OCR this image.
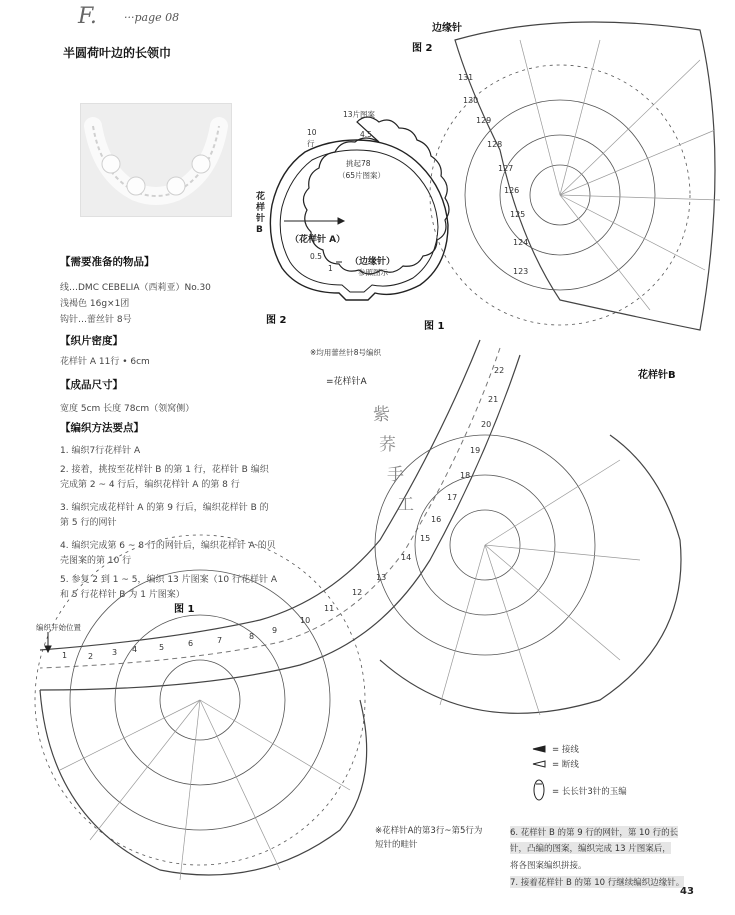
F. ···page 08
半圆荷叶边的长领巾
【需要准备的物品】
线…DMC CEBELIA（西莉亚）No.30
浅褐色 16g×1团
钩针…蕾丝针 8号
【织片密度】
花样针 A 11行 • 6cm
【成品尺寸】
宽度 5cm 长度 78cm（领窝侧）
【编织方法要点】
1. 编织7行花样针 A
2. 接着，挑按至花样针 B 的第 1 行，花样针 B 编织
完成第 2 ~ 4 行后，编织花样针 A 的第 8 行
3. 编织完成花样针 A 的第 9 行后，编织花样针 B 的
第 5 行的网针
4. 编织完成第 6 ~ 8 行的网针后，编织花样针 A 的贝
壳图案的第 10 行
5. 参复 2 到 1 ~ 5，编织 13 片图案（10 行花样针 A
和 5 行花样针 B 为 1 片图案）
13片图案
10
行
4.5
挑起78
（65片图案）
花样针B
（花样针 A）
0.5
1
（边缘针）
参照图示
图 2
图 1
※均用蕾丝针8号编织
=花样针A
边缘针
图 2
花样针B
图 1
编织开始位置
131
130
129
128
127
126
125
124
123
22
21
20
19
18
17
16
15
14
13
12
11
10
9
8
7
6
5
4
3
2
1
紫
荞
手
工
= 接线
= 断线
= 长长针3针的玉编
※花样针A的第3行~第5行为
短针的畦针
6. 花样针 B 的第 9 行的网针，第 10 行的长
针，凸编的图案，编织完成 13 片图案后，
将各图案编织拼接。
7. 接着花样针 B 的第 10 行继续编织边缘针。
43
